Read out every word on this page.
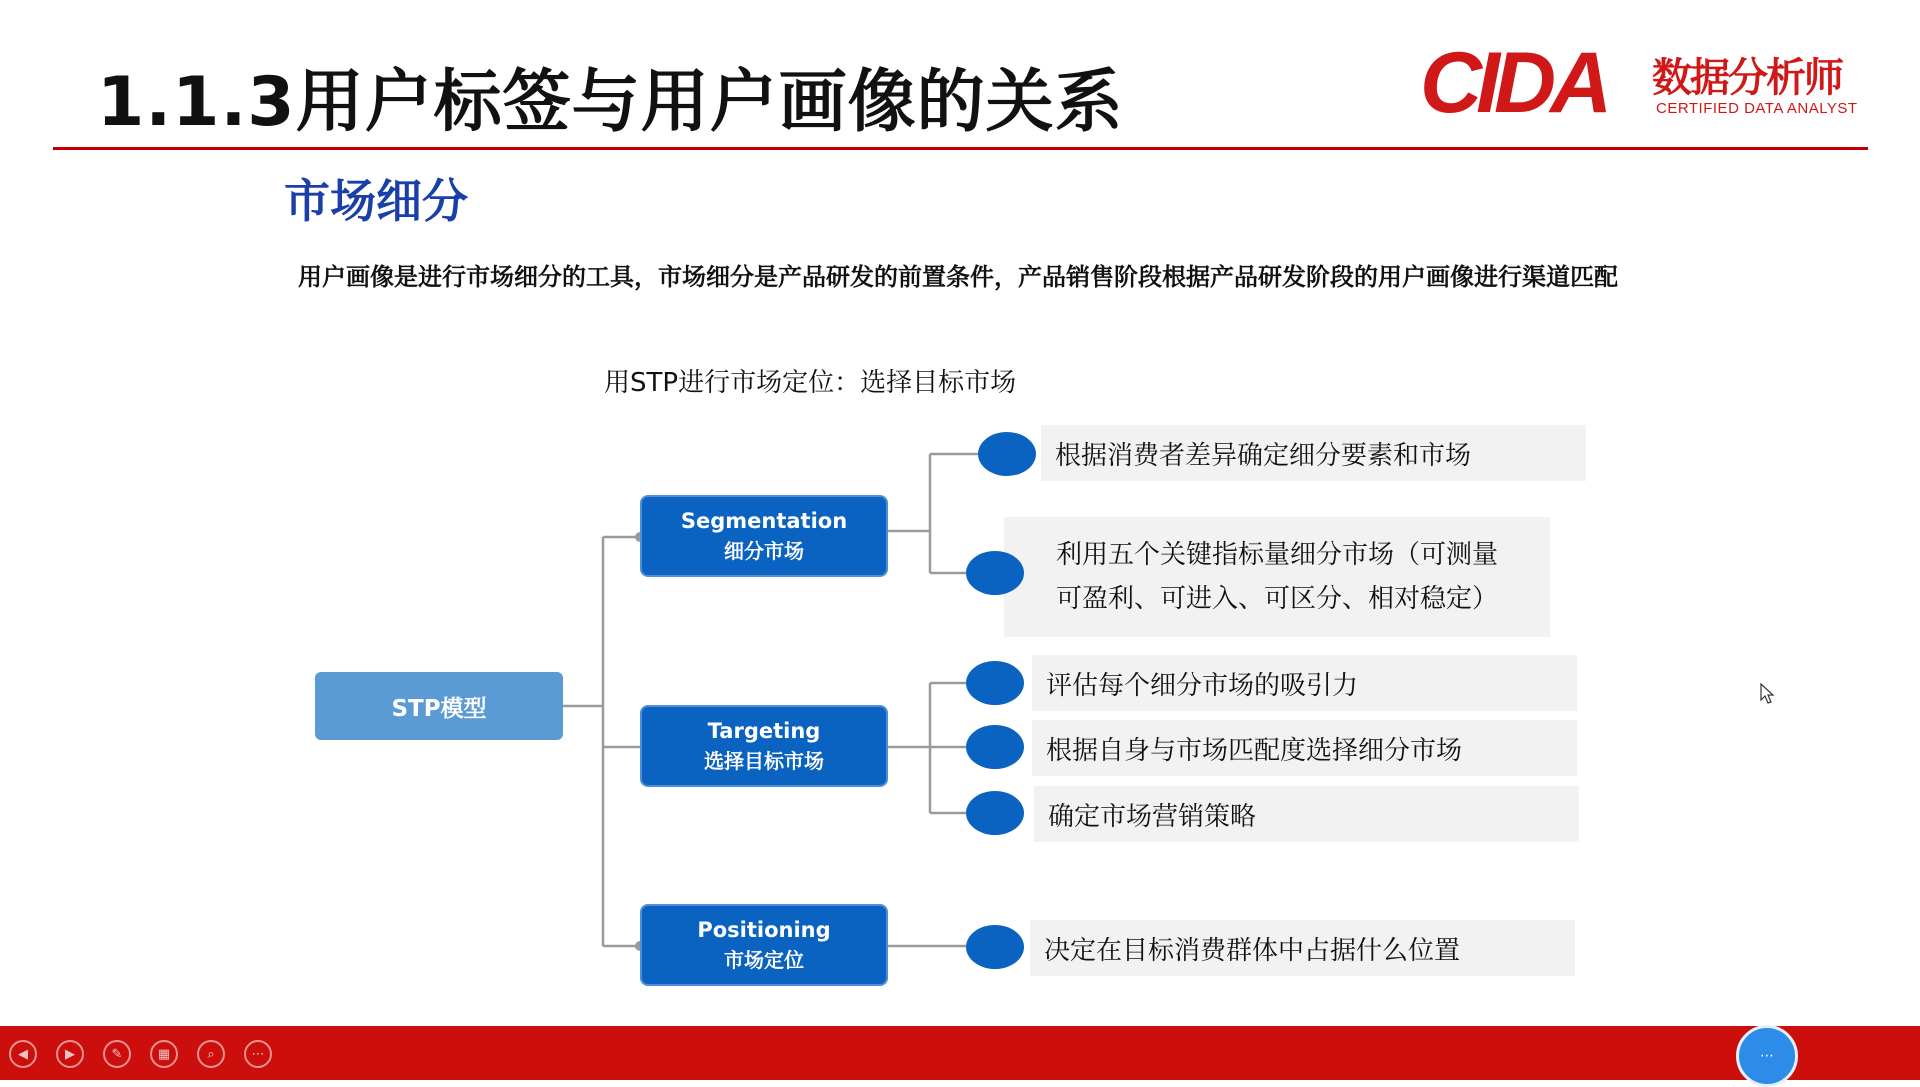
1.1.3用户标签与用户画像的关系	CIDA 数据分析师
CERTIFIED DATA ANALYST
市场细分
用户画像是进行市场细分的工具，市场细分是产品研发的前置条件，产品销售阶段根据产品研发阶段的用户画像进行渠道匹配
用STP进行市场定位：选择目标市场
STP模型
Segmentation
细分市场
Targeting
选择目标市场
Positioning
市场定位
根据消费者差异确定细分要素和市场
利用五个关键指标量细分市场（可测量
可盈利、可进入、可区分、相对稳定）
评估每个细分市场的吸引力
根据自身与市场匹配度选择细分市场
确定市场营销策略
决定在目标消费群体中占据什么位置
◀	▶	✎	▦	⌕	⋯	⋯
